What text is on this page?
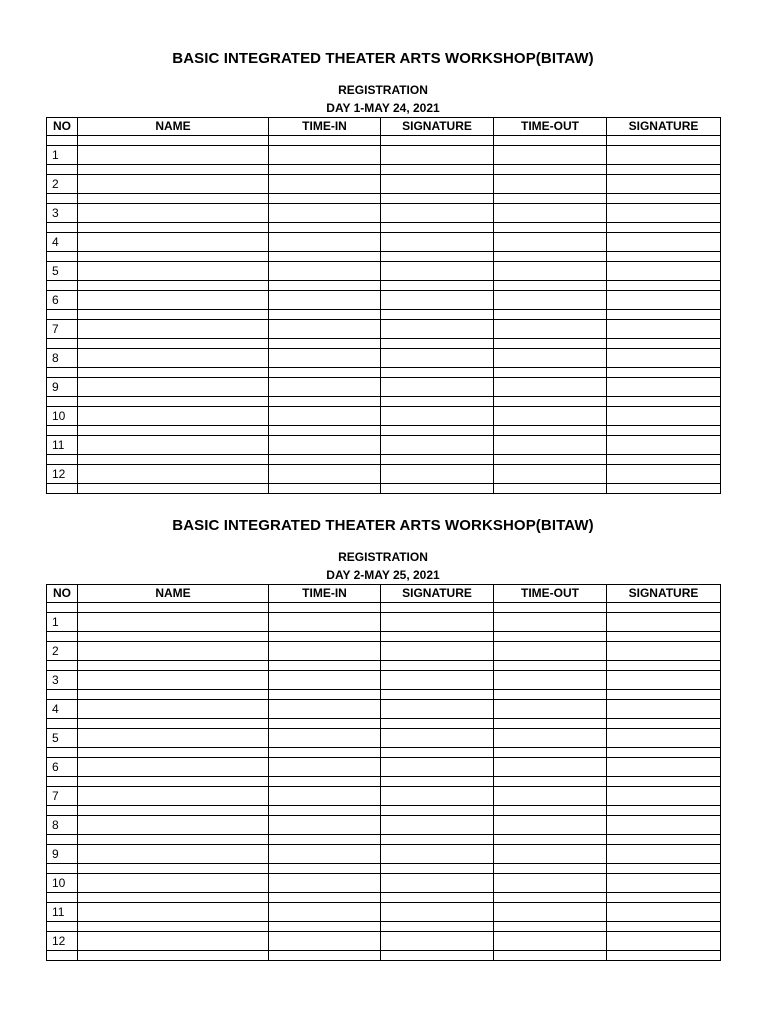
BASIC INTEGRATED THEATER ARTS WORKSHOP(BITAW)
REGISTRATION
DAY 1-MAY 24, 2021
NO	NAME	TIME-IN	SIGNATURE	TIME-OUT	SIGNATURE

1					

2					

3					

4					

5					

6					

7					

8					

9					

10					

11					

12					

BASIC INTEGRATED THEATER ARTS WORKSHOP(BITAW)
REGISTRATION
DAY 2-MAY 25, 2021
NO	NAME	TIME-IN	SIGNATURE	TIME-OUT	SIGNATURE

1					

2					

3					

4					

5					

6					

7					

8					

9					

10					

11					

12					
